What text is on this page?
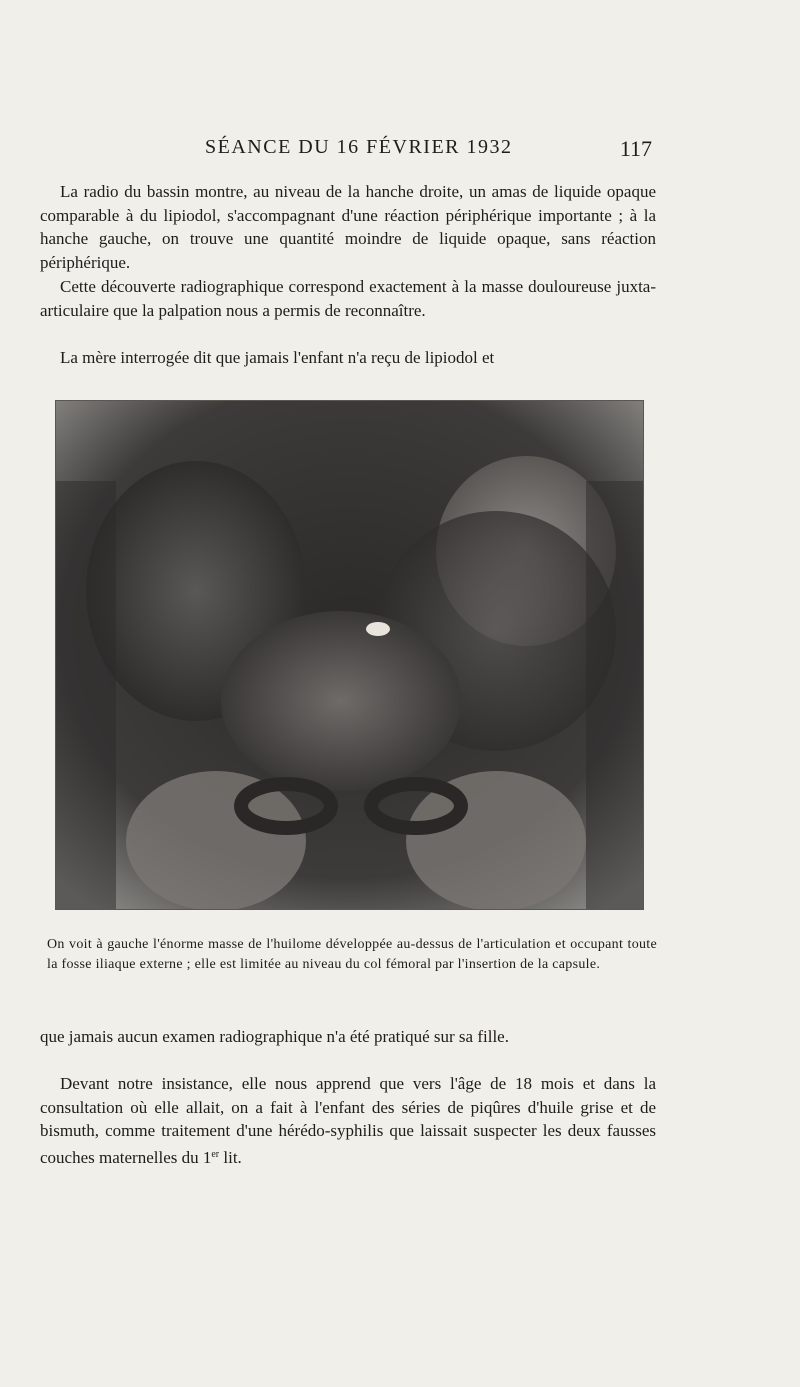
SÉANCE DU 16 FÉVRIER 1932	117

La radio du bassin montre, au niveau de la hanche droite, un amas de liquide opaque comparable à du lipiodol, s'accompagnant d'une réaction périphérique importante ; à la hanche gauche, on trouve une quantité moindre de liquide opaque, sans réaction périphérique.

Cette découverte radiographique correspond exactement à la masse douloureuse juxta-articulaire que la palpation nous a permis de reconnaître.

La mère interrogée dit que jamais l'enfant n'a reçu de lipiodol et

On voit à gauche l'énorme masse de l'huilome développée au-dessus de l'articulation et occupant toute la fosse iliaque externe ; elle est limitée au niveau du col fémoral par l'insertion de la capsule.

que jamais aucun examen radiographique n'a été pratiqué sur sa fille.

Devant notre insistance, elle nous apprend que vers l'âge de 18 mois et dans la consultation où elle allait, on a fait à l'enfant des séries de piqûres d'huile grise et de bismuth, comme traitement d'une hérédo-syphilis que laissait suspecter les deux fausses couches maternelles du 1er lit.
